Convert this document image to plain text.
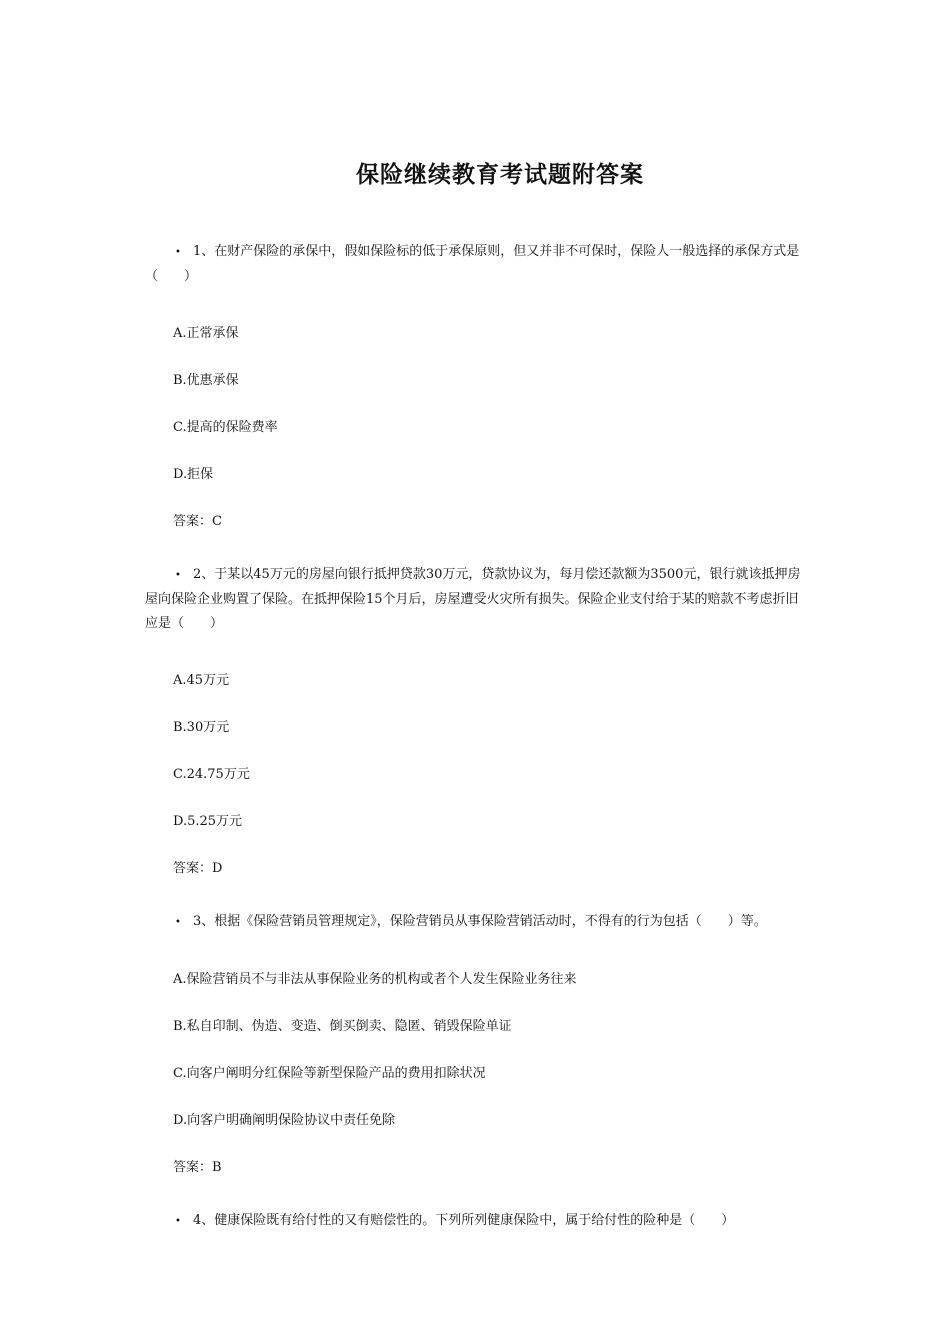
保险继续教育考试题附答案

• 1、在财产保险的承保中，假如保险标的低于承保原则，但又并非不可保时，保险人一般选择的承保方式是（　　）

A.正常承保

B.优惠承保

C.提高的保险费率

D.拒保

答案：C

• 2、于某以45万元的房屋向银行抵押贷款30万元，贷款协议为，每月偿还款额为3500元，银行就该抵押房屋向保险企业购置了保险。在抵押保险15个月后，房屋遭受火灾所有损失。保险企业支付给于某的赔款不考虑折旧应是（　　）

A.45万元

B.30万元

C.24.75万元

D.5.25万元

答案：D

• 3、根据《保险营销员管理规定》，保险营销员从事保险营销活动时，不得有的行为包括（　　）等。

A.保险营销员不与非法从事保险业务的机构或者个人发生保险业务往来

B.私自印制、伪造、变造、倒买倒卖、隐匿、销毁保险单证

C.向客户阐明分红保险等新型保险产品的费用扣除状况

D.向客户明确阐明保险协议中责任免除

答案：B

• 4、健康保险既有给付性的又有赔偿性的。下列所列健康保险中，属于给付性的险种是（　　）
